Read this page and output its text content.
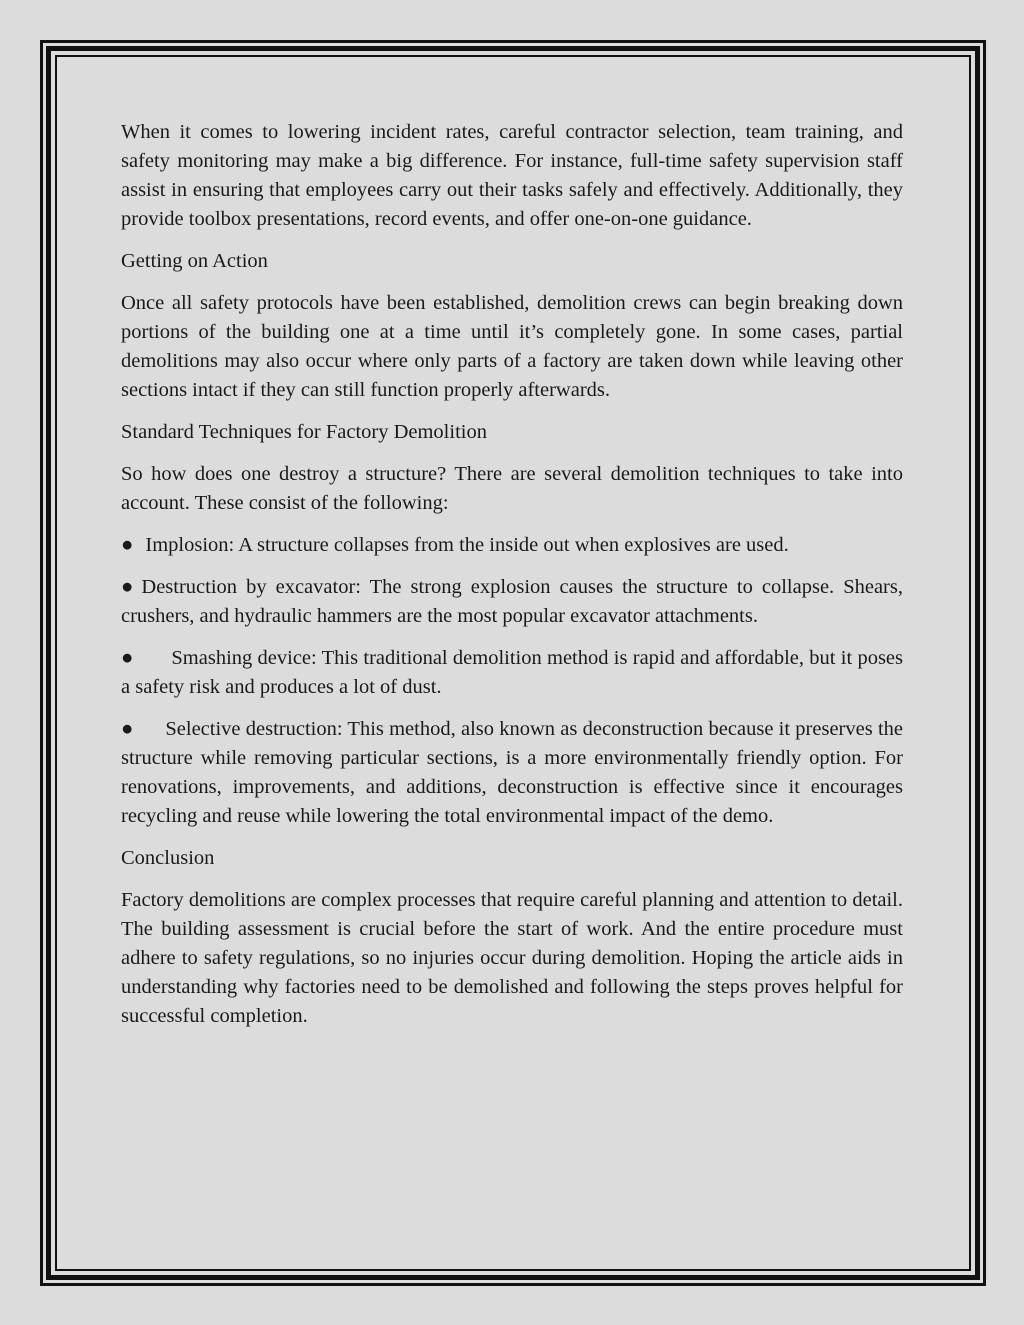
When it comes to lowering incident rates, careful contractor selection, team training, and safety monitoring may make a big difference. For instance, full-time safety supervision staff assist in ensuring that employees carry out their tasks safely and effectively. Additionally, they provide toolbox presentations, record events, and offer one-on-one guidance.

Getting on Action

Once all safety protocols have been established, demolition crews can begin breaking down portions of the building one at a time until it’s completely gone. In some cases, partial demolitions may also occur where only parts of a factory are taken down while leaving other sections intact if they can still function properly afterwards.

Standard Techniques for Factory Demolition

So how does one destroy a structure? There are several demolition techniques to take into account. These consist of the following:

● Implosion: A structure collapses from the inside out when explosives are used.

● Destruction by excavator: The strong explosion causes the structure to collapse. Shears, crushers, and hydraulic hammers are the most popular excavator attachments.

● Smashing device: This traditional demolition method is rapid and affordable, but it poses a safety risk and produces a lot of dust.

● Selective destruction: This method, also known as deconstruction because it preserves the structure while removing particular sections, is a more environmentally friendly option. For renovations, improvements, and additions, deconstruction is effective since it encourages recycling and reuse while lowering the total environmental impact of the demo.

Conclusion

Factory demolitions are complex processes that require careful planning and attention to detail. The building assessment is crucial before the start of work. And the entire procedure must adhere to safety regulations, so no injuries occur during demolition. Hoping the article aids in understanding why factories need to be demolished and following the steps proves helpful for successful completion.
